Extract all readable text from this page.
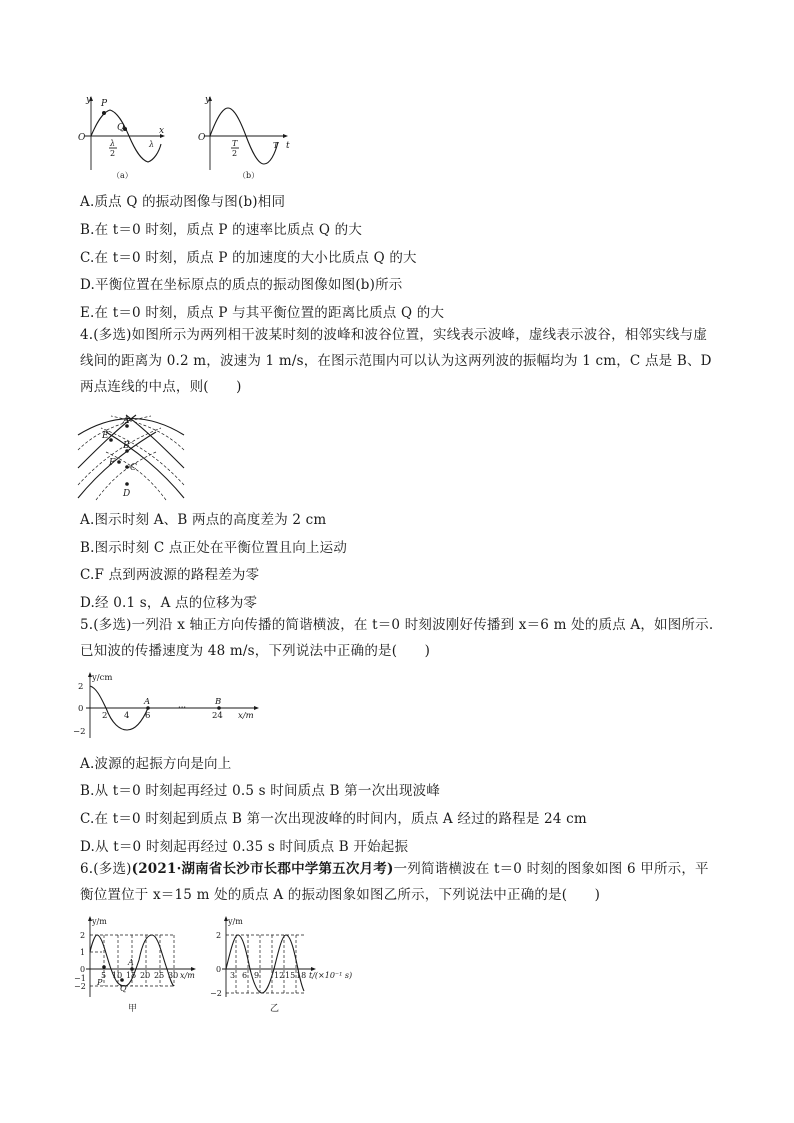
y P
Q
O
x
λ
2
λ
（a）
y
O
T
2
T t
（b）
A.质点 Q 的振动图像与图(b)相同
B.在 t＝0 时刻，质点 P 的速率比质点 Q 的大
C.在 t＝0 时刻，质点 P 的加速度的大小比质点 Q 的大
D.平衡位置在坐标原点的质点的振动图像如图(b)所示
E.在 t＝0 时刻，质点 P 与其平衡位置的距离比质点 Q 的大
4.(多选)如图所示为两列相干波某时刻的波峰和波谷位置，实线表示波峰，虚线表示波谷，相邻实线与虚线间的距离为 0.2 m，波速为 1 m/s，在图示范围内可以认为这两列波的振幅均为 1 cm，C 点是 B、D 两点连线的中点，则(　　)
A
E
B
F C
D
A.图示时刻 A、B 两点的高度差为 2 cm
B.图示时刻 C 点正处在平衡位置且向上运动
C.F 点到两波源的路程差为零
D.经 0.1 s，A 点的位移为零
5.(多选)一列沿 x 轴正方向传播的简谐横波，在 t＝0 时刻波刚好传播到 x＝6 m 处的质点 A，如图所示.已知波的传播速度为 48 m/s，下列说法中正确的是(　　)
y/cm
2
0
−2
2 4 6
A
···
B
24 x/m
A.波源的起振方向是向上
B.从 t＝0 时刻起再经过 0.5 s 时间质点 B 第一次出现波峰
C.在 t＝0 时刻起到质点 B 第一次出现波峰的时间内，质点 A 经过的路程是 24 cm
D.从 t＝0 时刻起再经过 0.35 s 时间质点 B 开始起振
6.(多选)(2021·湖南省长沙市长郡中学第五次月考)一列简谐横波在 t＝0 时刻的图象如图 6 甲所示，平衡位置位于 x＝15 m 处的质点 A 的振动图象如图乙所示，下列说法中正确的是(　　)
y/m
2
1
0
−1
−2
5 10 15 20 25 30 x/m
A
P
Q
甲
y/m
2
0
−2
3 6 9 12 15 18 t/(×10⁻¹ s)
乙
